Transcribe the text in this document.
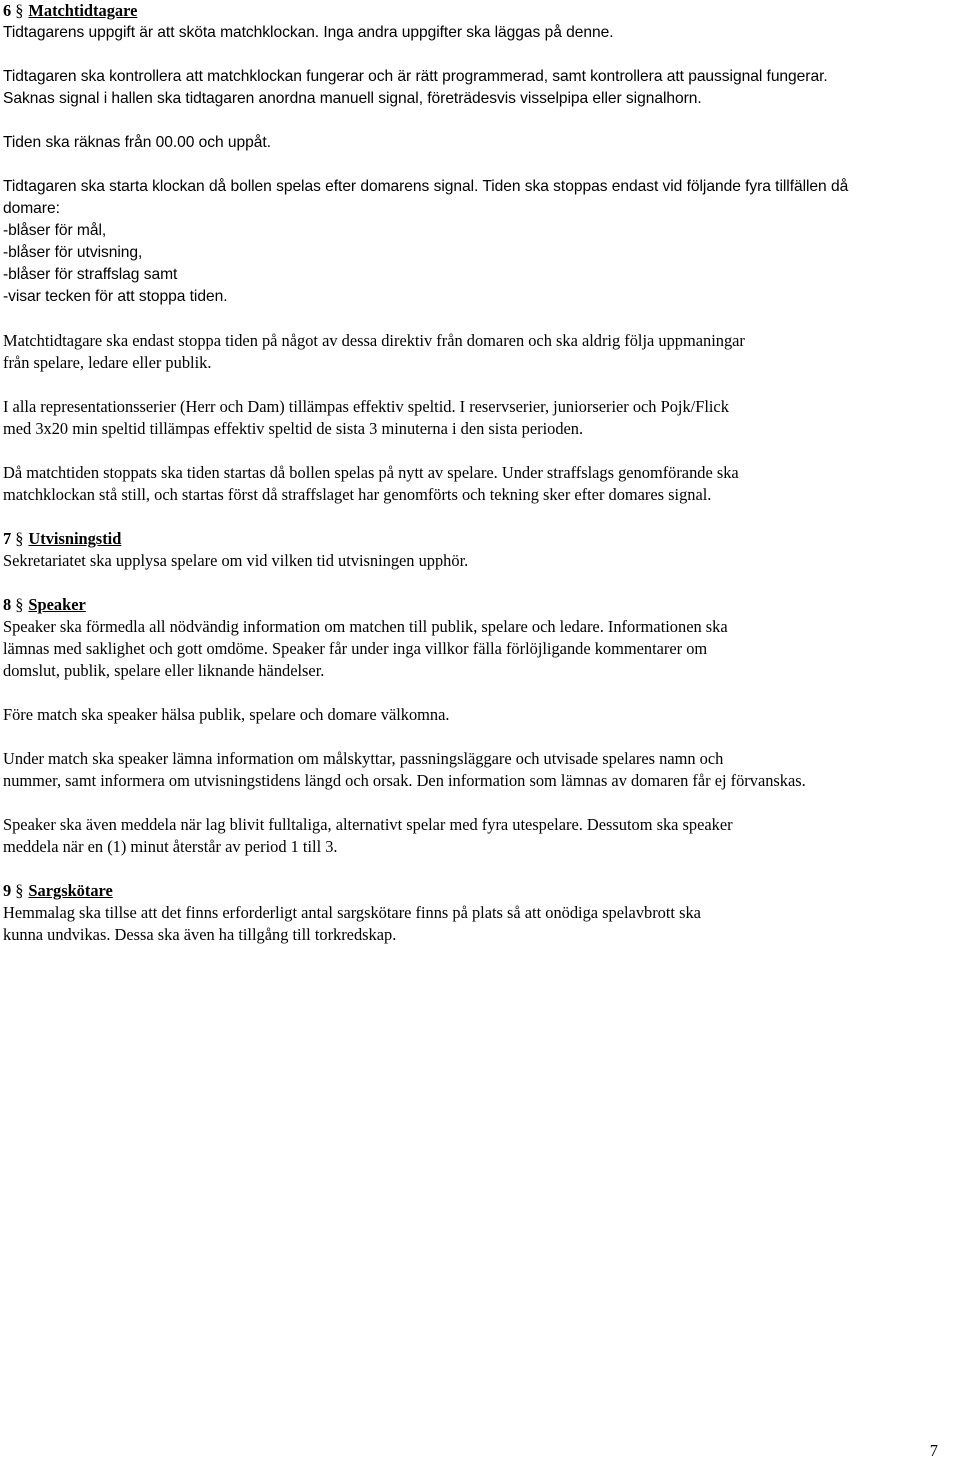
6 § Matchtidtagare

Tidtagarens uppgift är att sköta matchklockan. Inga andra uppgifter ska läggas på denne.

Tidtagaren ska kontrollera att matchklockan fungerar och är rätt programmerad, samt kontrollera att paussignal fungerar.
Saknas signal i hallen ska tidtagaren anordna manuell signal, företrädesvis visselpipa eller signalhorn.

Tiden ska räknas från 00.00 och uppåt.

Tidtagaren ska starta klockan då bollen spelas efter domarens signal. Tiden ska stoppas endast vid följande fyra tillfällen då
domare:
-blåser för mål,
-blåser för utvisning,
-blåser för straffslag samt
-visar tecken för att stoppa tiden.

Matchtidtagare ska endast stoppa tiden på något av dessa direktiv från domaren och ska aldrig följa uppmaningar
från spelare, ledare eller publik.

I alla representationsserier (Herr och Dam) tillämpas effektiv speltid. I reservserier, juniorserier och Pojk/Flick
med 3x20 min speltid tillämpas effektiv speltid de sista 3 minuterna i den sista perioden.

Då matchtiden stoppats ska tiden startas då bollen spelas på nytt av spelare. Under straffslags genomförande ska
matchklockan stå still, och startas först då straffslaget har genomförts och tekning sker efter domares signal.

7 § Utvisningstid

Sekretariatet ska upplysa spelare om vid vilken tid utvisningen upphör.

8 § Speaker

Speaker ska förmedla all nödvändig information om matchen till publik, spelare och ledare. Informationen ska
lämnas med saklighet och gott omdöme. Speaker får under inga villkor fälla förlöjligande kommentarer om
domslut, publik, spelare eller liknande händelser.

Före match ska speaker hälsa publik, spelare och domare välkomna.

Under match ska speaker lämna information om målskyttar, passningsläggare och utvisade spelares namn och
nummer, samt informera om utvisningstidens längd och orsak. Den information som lämnas av domaren får ej förvanskas.

Speaker ska även meddela när lag blivit fulltaliga, alternativt spelar med fyra utespelare. Dessutom ska speaker
meddela när en (1) minut återstår av period 1 till 3.

9 § Sargskötare

Hemmalag ska tillse att det finns erforderligt antal sargskötare finns på plats så att onödiga spelavbrott ska
kunna undvikas. Dessa ska även ha tillgång till torkredskap.

7
